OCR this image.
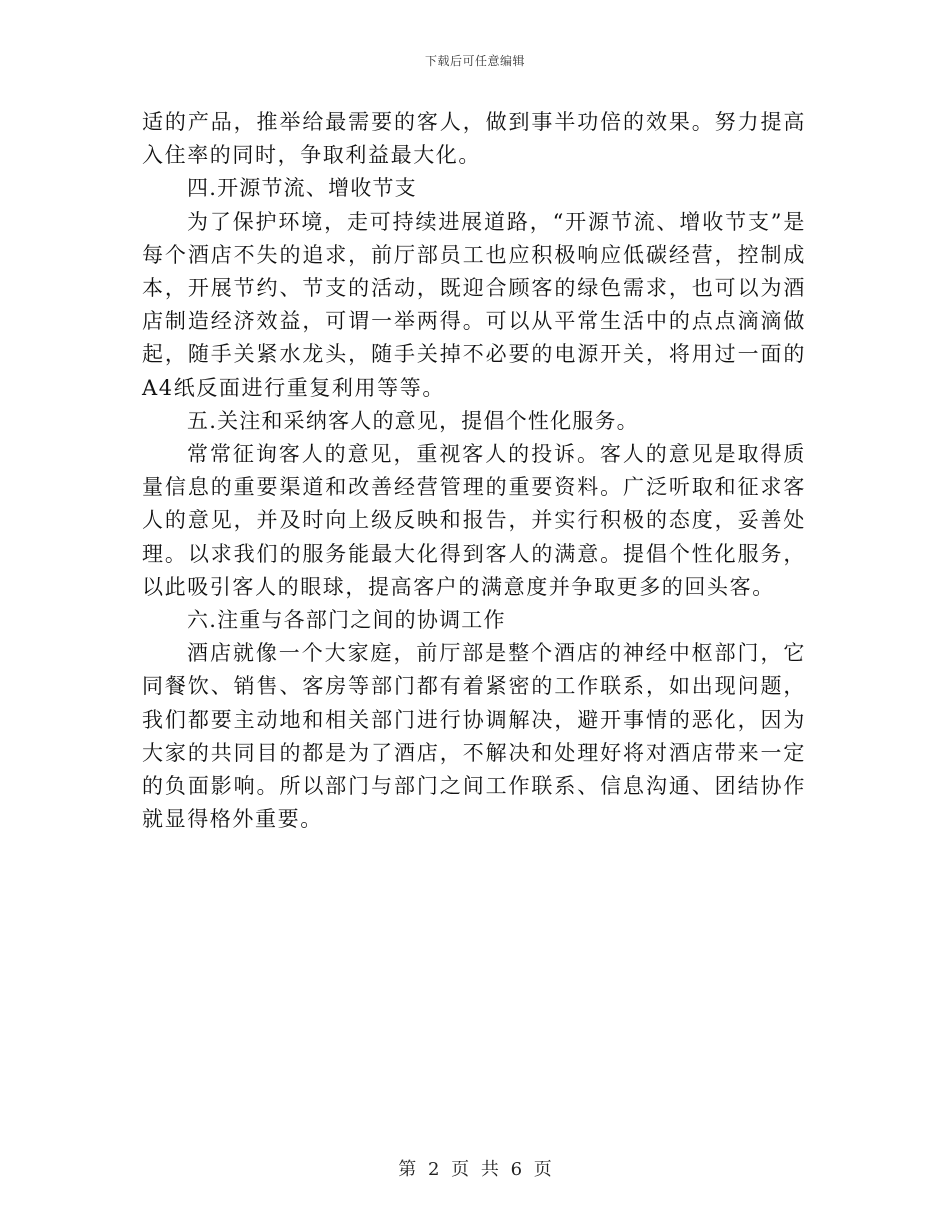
下载后可任意编辑

适的产品，推举给最需要的客人，做到事半功倍的效果。努力提高入住率的同时，争取利益最大化。

四.开源节流、增收节支

为了保护环境，走可持续进展道路，“开源节流、增收节支”是每个酒店不失的追求，前厅部员工也应积极响应低碳经营，控制成本，开展节约、节支的活动，既迎合顾客的绿色需求，也可以为酒店制造经济效益，可谓一举两得。可以从平常生活中的点点滴滴做起，随手关紧水龙头，随手关掉不必要的电源开关，将用过一面的A4纸反面进行重复利用等等。

五.关注和采纳客人的意见，提倡个性化服务。

常常征询客人的意见，重视客人的投诉。客人的意见是取得质量信息的重要渠道和改善经营管理的重要资料。广泛听取和征求客人的意见，并及时向上级反映和报告，并实行积极的态度，妥善处理。以求我们的服务能最大化得到客人的满意。提倡个性化服务，以此吸引客人的眼球，提高客户的满意度并争取更多的回头客。

六.注重与各部门之间的协调工作

酒店就像一个大家庭，前厅部是整个酒店的神经中枢部门，它同餐饮、销售、客房等部门都有着紧密的工作联系，如出现问题，我们都要主动地和相关部门进行协调解决，避开事情的恶化，因为大家的共同目的都是为了酒店，不解决和处理好将对酒店带来一定的负面影响。所以部门与部门之间工作联系、信息沟通、团结协作就显得格外重要。

第 2 页 共 6 页
